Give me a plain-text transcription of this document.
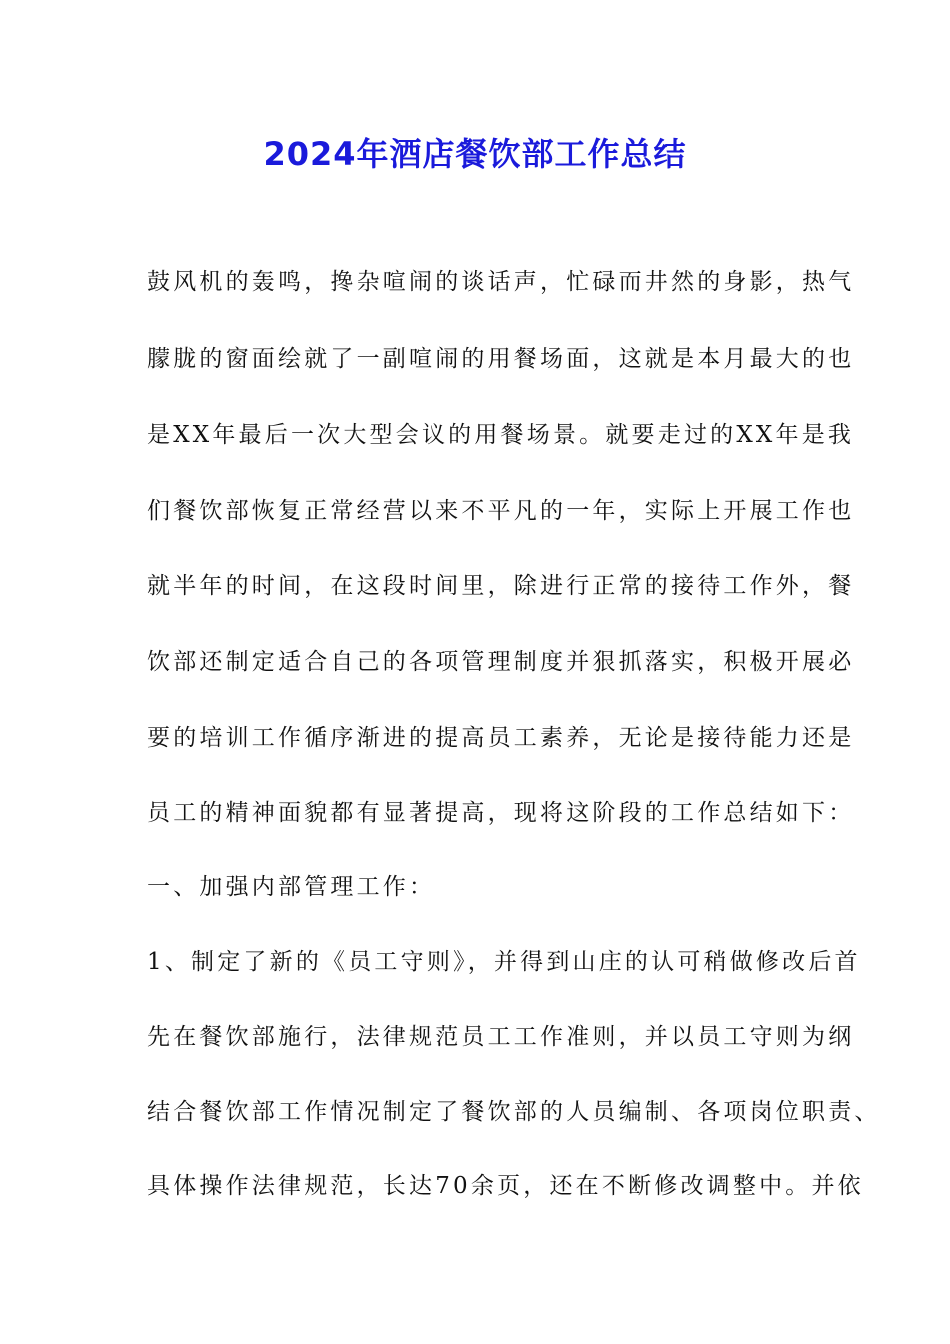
2024年酒店餐饮部工作总结
鼓风机的轰鸣，搀杂喧闹的谈话声，忙碌而井然的身影，热气
朦胧的窗面绘就了一副喧闹的用餐场面，这就是本月最大的也
是XX年最后一次大型会议的用餐场景。就要走过的XX年是我
们餐饮部恢复正常经营以来不平凡的一年，实际上开展工作也
就半年的时间，在这段时间里，除进行正常的接待工作外，餐
饮部还制定适合自己的各项管理制度并狠抓落实，积极开展必
要的培训工作循序渐进的提高员工素养，无论是接待能力还是
员工的精神面貌都有显著提高，现将这阶段的工作总结如下：
一、加强内部管理工作：
1、制定了新的《员工守则》，并得到山庄的认可稍做修改后首
先在餐饮部施行，法律规范员工工作准则，并以员工守则为纲
结合餐饮部工作情况制定了餐饮部的人员编制、各项岗位职责、
具体操作法律规范，长达70余页，还在不断修改调整中。并依
